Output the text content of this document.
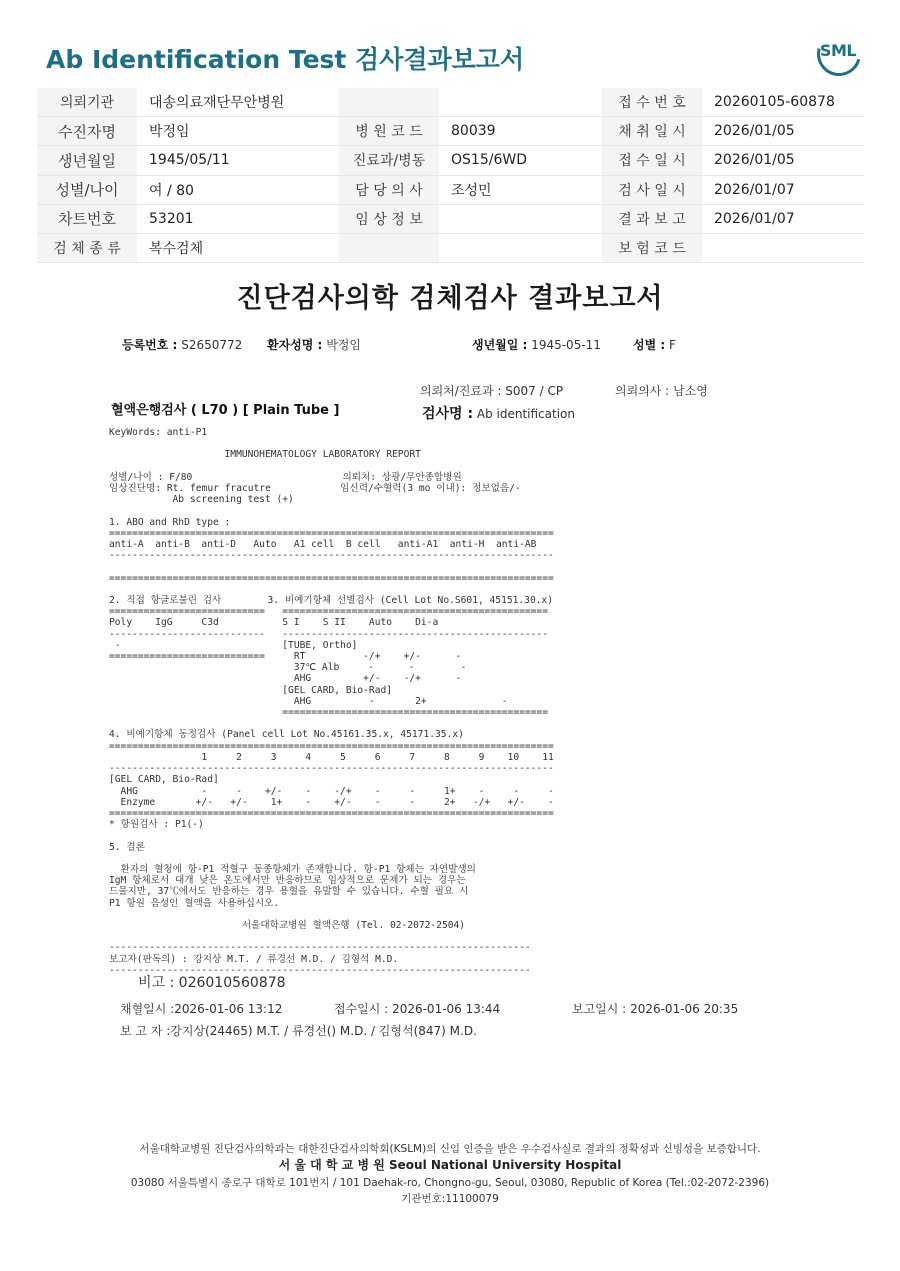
Ab Identification Test 검사결과보고서	SML
의뢰기관	대송의료재단무안병원			접 수 번 호	20260105-60878
수진자명	박정임	병 원 코 드	80039	채 취 일 시	2026/01/05
생년월일	1945/05/11	진료과/병동	OS15/6WD	접 수 일 시	2026/01/05
성별/나이	여 / 80	담 당 의 사	조성민	검 사 일 시	2026/01/07
차트번호	53201	임 상 정 보		결 과 보 고	2026/01/07
검 체 종 류	복수검체			보 험 코 드	
진단검사의학 검체검사 결과보고서
등록번호 : S2650772 환자성명 : 박정임	생년월일 : 1945-05-11	성별 : F
의뢰처/진료과 : S007 / CP	의뢰의사 : 남소영
혈액은행검사 ( L70 ) [ Plain Tube ]	검사명 : Ab identification
KeyWords: anti-P1

IMMUNOHEMATOLOGY LABORATORY REPORT

성별/나이 : F/80                          의뢰처: 상광/무안종합병원
임상진단명: Rt. femur fracutre            임신력/수혈력(3 mo 이내): 정보없음/-
Ab screening test (+)

1. ABO and RhD type :
=============================================================================
anti-A  anti-B  anti-D   Auto   A1 cell  B cell   anti-A1  anti-H  anti-AB
-----------------------------------------------------------------------------

=============================================================================

2. 직접 항글로불린 검사        3. 비예기항체 선별검사 (Cell Lot No.S601, 45151.30.x)
===========================   ==============================================
Poly    IgG     C3d           S I    S II    Auto    Di-a
---------------------------   ----------------------------------------------
-                            [TUBE, Ortho]
===========================     RT          -/+    +/-      -
37℃ Alb     -      -        -
AHG         +/-    -/+      -
[GEL CARD, Bio-Rad]
AHG          -       2+             -
==============================================

4. 비예기항체 동정검사 (Panel cell Lot No.45161.35.x, 45171.35.x)
=============================================================================
1     2     3     4     5     6     7     8     9    10    11
-----------------------------------------------------------------------------
[GEL CARD, Bio-Rad]
AHG           -     -    +/-    -    -/+    -     -     1+    -     -     -
Enzyme       +/-   +/-    1+    -    +/-    -     -     2+   -/+   +/-    -
=============================================================================
* 항원검사 : P1(-)

5. 결론

환자의 혈청에 항-P1 적혈구 동종항체가 존재합니다. 항-P1 항체는 자연발생의
IgM 항체로서 대개 낮은 온도에서만 반응하므로 임상적으로 문제가 되는 경우는
드물지만, 37℃에서도 반응하는 경우 용혈을 유발할 수 있습니다. 수혈 필요 시
P1 항원 음성인 혈액을 사용하십시오.

서울대학교병원 혈액은행 (Tel. 02-2072-2504)

-------------------------------------------------------------------------
보고자(판독의) : 강지상 M.T. / 류경선 M.D. / 김형석 M.D.
-------------------------------------------------------------------------
비고 : 026010560878
채혈일시 :2026-01-06 13:12	접수일시 : 2026-01-06 13:44	보고일시 : 2026-01-06 20:35
보 고 자 :강지상(24465) M.T. / 류경선() M.D. / 김형석(847) M.D.
서울대학교병원 진단검사의학과는 대한진단검사의학회(KSLM)의 신임 인증을 받은 우수검사실로 결과의 정확성과 신빙성을 보증합니다.
서 울 대 학 교 병 원 Seoul National University Hospital
03080 서울특별시 종로구 대학로 101번지 / 101 Daehak-ro, Chongno-gu, Seoul, 03080, Republic of Korea (Tel.:02-2072-2396)
기관번호:11100079
